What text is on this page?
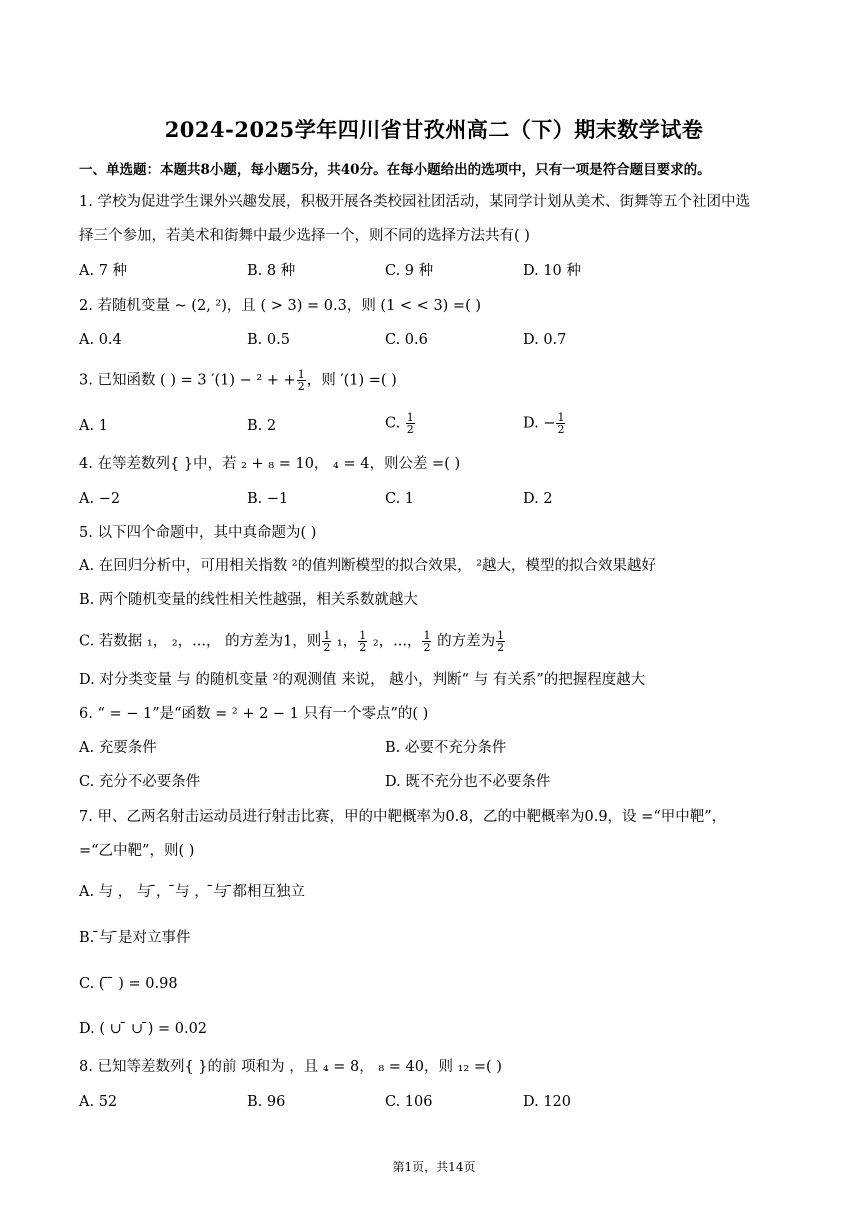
2024-2025学年四川省甘孜州高二（下）期末数学试卷
一、单选题：本题共8小题，每小题5分，共40分。在每小题给出的选项中，只有一项是符合题目要求的。
1. 学校为促进学生课外兴趣发展，积极开展各类校园社团活动，某同学计划从美术、街舞等五个社团中选
择三个参加，若美术和街舞中最少选择一个，则不同的选择方法共有( )
A. 7 种	B. 8 种	C. 9 种	D. 10 种
2. 若随机变量 ~ (2, ²)，且 ( > 3) = 0.3，则 (1 < < 3) =( )
A. 0.4	B. 0.5	C. 0.6	D. 0.7
3. 已知函数 ( ) = 3 ′(1) − ² + + $\frac{1}{2}$ ，则 ′(1) =( )
A. 1	B. 2	C. $\frac{1}{2}$	D. − $\frac{1}{2}$
4. 在等差数列{ }中，若 ₂ + ₈ = 10， ₄ = 4，则公差 =( )
A. −2	B. −1	C. 1	D. 2
5. 以下四个命题中，其中真命题为( )
A. 在回归分析中，可用相关指数 ²的值判断模型的拟合效果， ²越大，模型的拟合效果越好
B. 两个随机变量的线性相关性越强，相关系数就越大
C. 若数据 ₁， ₂，...， 的方差为1，则 $\frac{1}{2} _1$， $\frac{1}{2} _2$，...， $\frac{1}{2}$ 的方差为 $\frac{1}{2}$
D. 对分类变量 与 的随机变量 ²的观测值 来说， 越小，判断“ 与 有关系”的把握程度越大
6. “ = − 1”是“函数 = ² + 2 − 1 只有一个零点”的( )
A. 充要条件	B. 必要不充分条件
C. 充分不必要条件	D. 既不充分也不必要条件
7. 甲、乙两名射击运动员进行射击比赛，甲的中靶概率为0.8，乙的中靶概率为0.9，设 =“甲中靶”，
=“乙中靶”，则( )
A. 与 ， 与 ̄， ̄与 ， ̄与 ̄都相互独立
B. ̄与 ̄是对立事件
C. ( ̄ ̄ ) = 0.98
D. ( ∪ ̄ ∪ ̄) = 0.02
8. 已知等差数列{ }的前 项和为 ，且 ₄ = 8， ₈ = 40，则 ₁₂ =( )
A. 52	B. 96	C. 106	D. 120
第1页，共14页
